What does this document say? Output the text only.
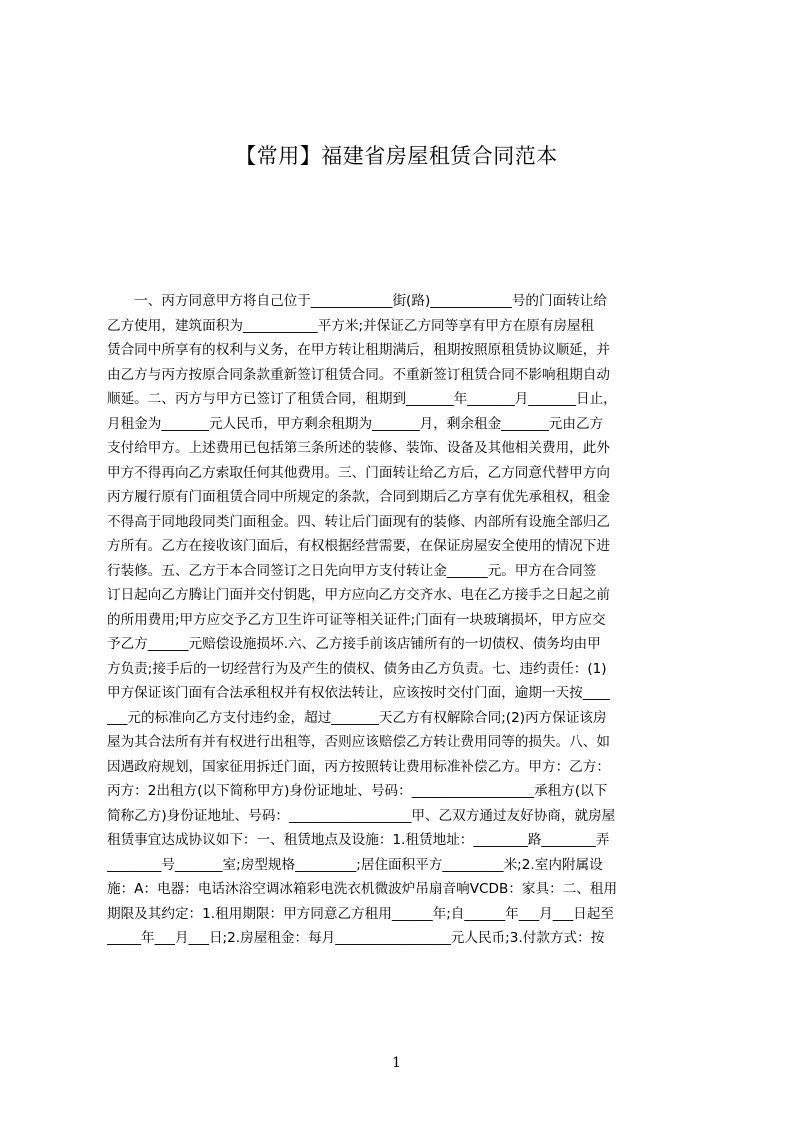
【常用】福建省房屋租赁合同范本
　　一、丙方同意甲方将自己位于____________街(路)____________号的门面转让给
乙方使用，建筑面积为___________平方米;并保证乙方同等享有甲方在原有房屋租
赁合同中所享有的权利与义务，在甲方转让租期满后，租期按照原租赁协议顺延，并
由乙方与丙方按原合同条款重新签订租赁合同。不重新签订租赁合同不影响租期自动
顺延。二、丙方与甲方已签订了租赁合同，租期到_______年_______月_______日止，
月租金为_______元人民币，甲方剩余租期为_______月，剩余租金_______元由乙方
支付给甲方。上述费用已包括第三条所述的装修、装饰、设备及其他相关费用，此外
甲方不得再向乙方索取任何其他费用。三、门面转让给乙方后，乙方同意代替甲方向
丙方履行原有门面租赁合同中所规定的条款，合同到期后乙方享有优先承租权，租金
不得高于同地段同类门面租金。四、转让后门面现有的装修、内部所有设施全部归乙
方所有。乙方在接收该门面后，有权根据经营需要，在保证房屋安全使用的情况下进
行装修。五、乙方于本合同签订之日先向甲方支付转让金______元。甲方在合同签
订日起向乙方腾让门面并交付钥匙，甲方应向乙方交齐水、电在乙方接手之日起之前
的所用费用;甲方应交予乙方卫生许可证等相关证件;门面有一块玻璃损坏，甲方应交
予乙方______元赔偿设施损坏.六、乙方接手前该店铺所有的一切债权、债务均由甲
方负责;接手后的一切经营行为及产生的债权、债务由乙方负责。七、违约责任：(1)
甲方保证该门面有合法承租权并有权依法转让，应该按时交付门面，逾期一天按____
___元的标准向乙方支付违约金，超过_______天乙方有权解除合同;(2)丙方保证该房
屋为其合法所有并有权进行出租等，否则应该赔偿乙方转让费用同等的损失。八、如
因遇政府规划，国家征用拆迁门面，丙方按照转让费用标准补偿乙方。甲方：乙方：
丙方：2出租方(以下简称甲方)身份证地址、号码：__________________承租方(以下
简称乙方)身份证地址、号码：__________________甲、乙双方通过友好协商，就房屋
租赁事宜达成协议如下：一、租赁地点及设施：1.租赁地址：________路________弄
________号_______室;房型规格_________;居住面积平方_________米;2.室内附属设
施：A：电器：电话沐浴空调冰箱彩电洗衣机微波炉吊扇音响VCDB：家具：二、租用
期限及其约定：1.租用期限：甲方同意乙方租用______年;自______年___月___日起至
_____年___月___日;2.房屋租金：每月_________________元人民币;3.付款方式：按
1
